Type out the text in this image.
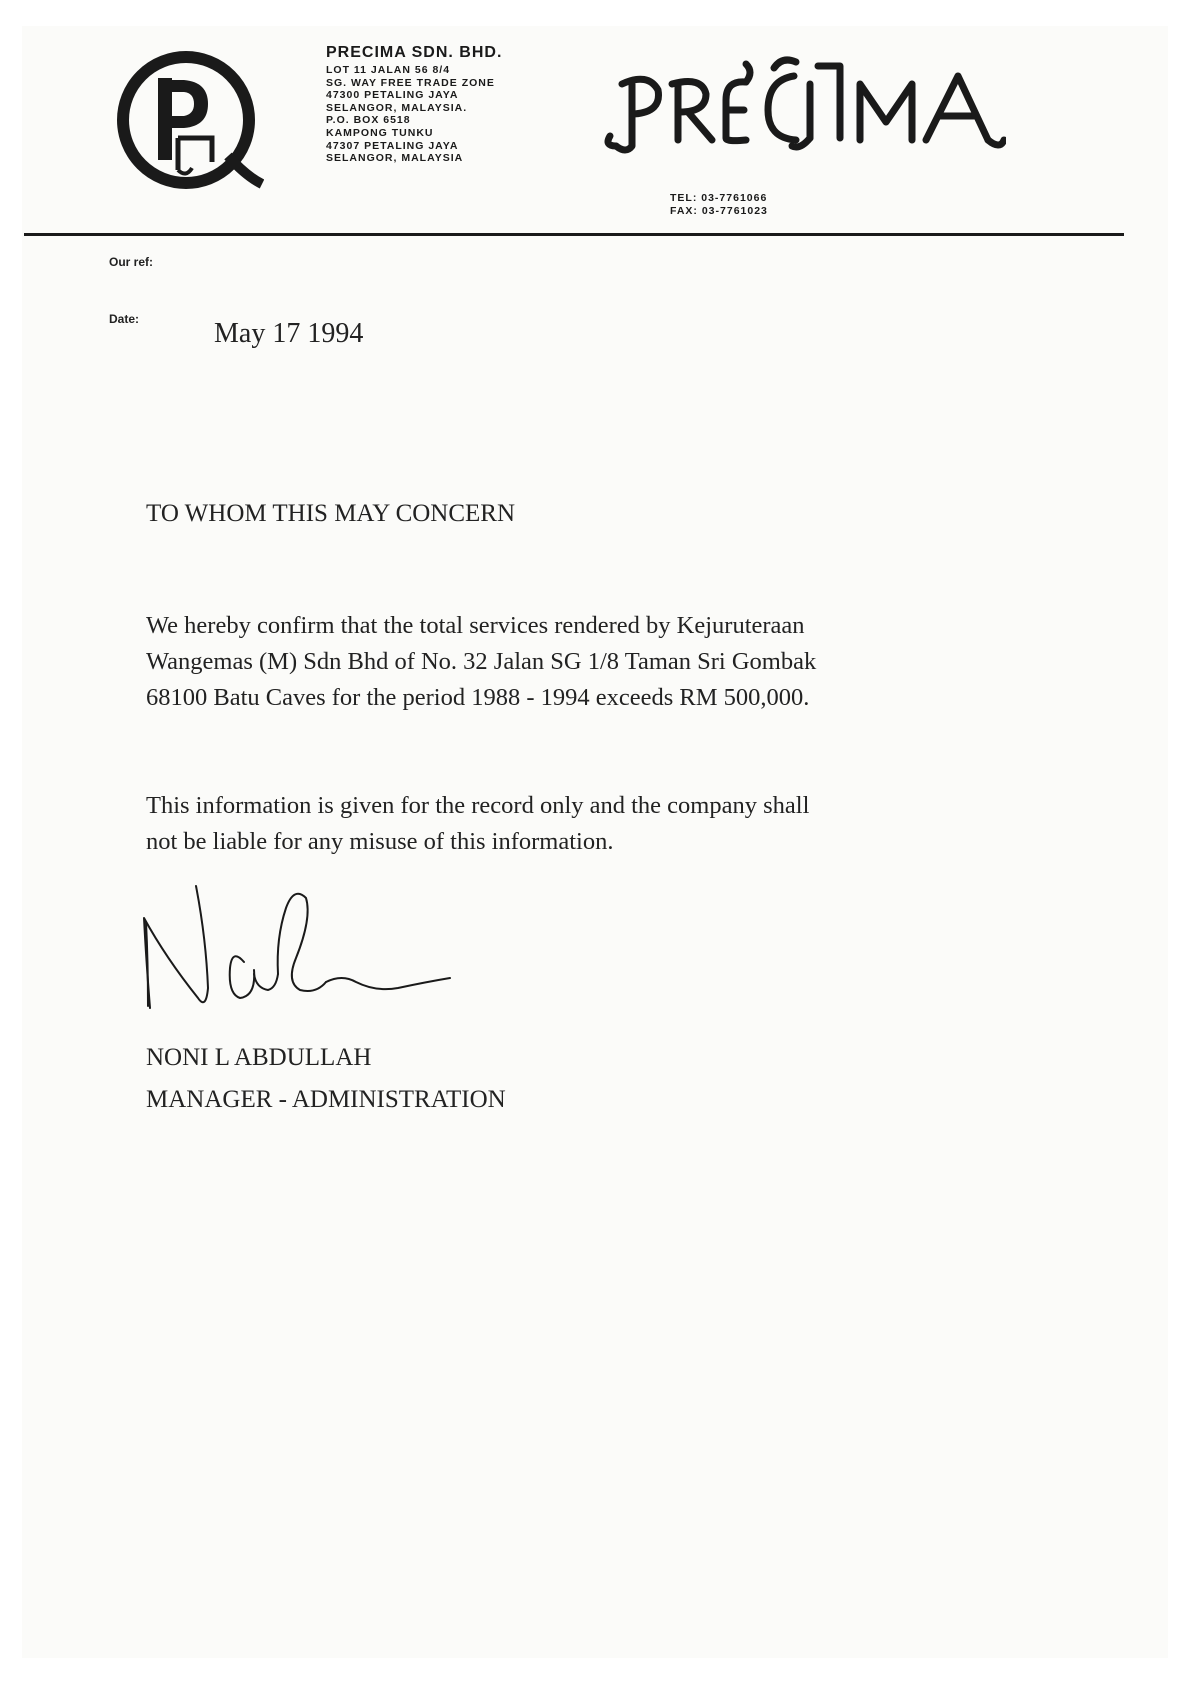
PRECIMA SDN. BHD.
LOT 11 JALAN 56 8/4
SG. WAY FREE TRADE ZONE
47300 PETALING JAYA
SELANGOR, MALAYSIA.
P.O. BOX 6518
KAMPONG TUNKU
47307 PETALING JAYA
SELANGOR, MALAYSIA
TEL: 03-7761066
FAX: 03-7761023
Our ref:
Date:	May 17 1994
TO WHOM THIS MAY CONCERN
We hereby confirm that the total services rendered by Kejuruteraan
Wangemas (M) Sdn Bhd of No. 32 Jalan SG 1/8 Taman Sri Gombak
68100 Batu Caves for the period 1988 - 1994 exceeds RM 500,000.
This information is given for the record only and the company shall
not be liable for any misuse of this information.
NONI L ABDULLAH
MANAGER - ADMINISTRATION
